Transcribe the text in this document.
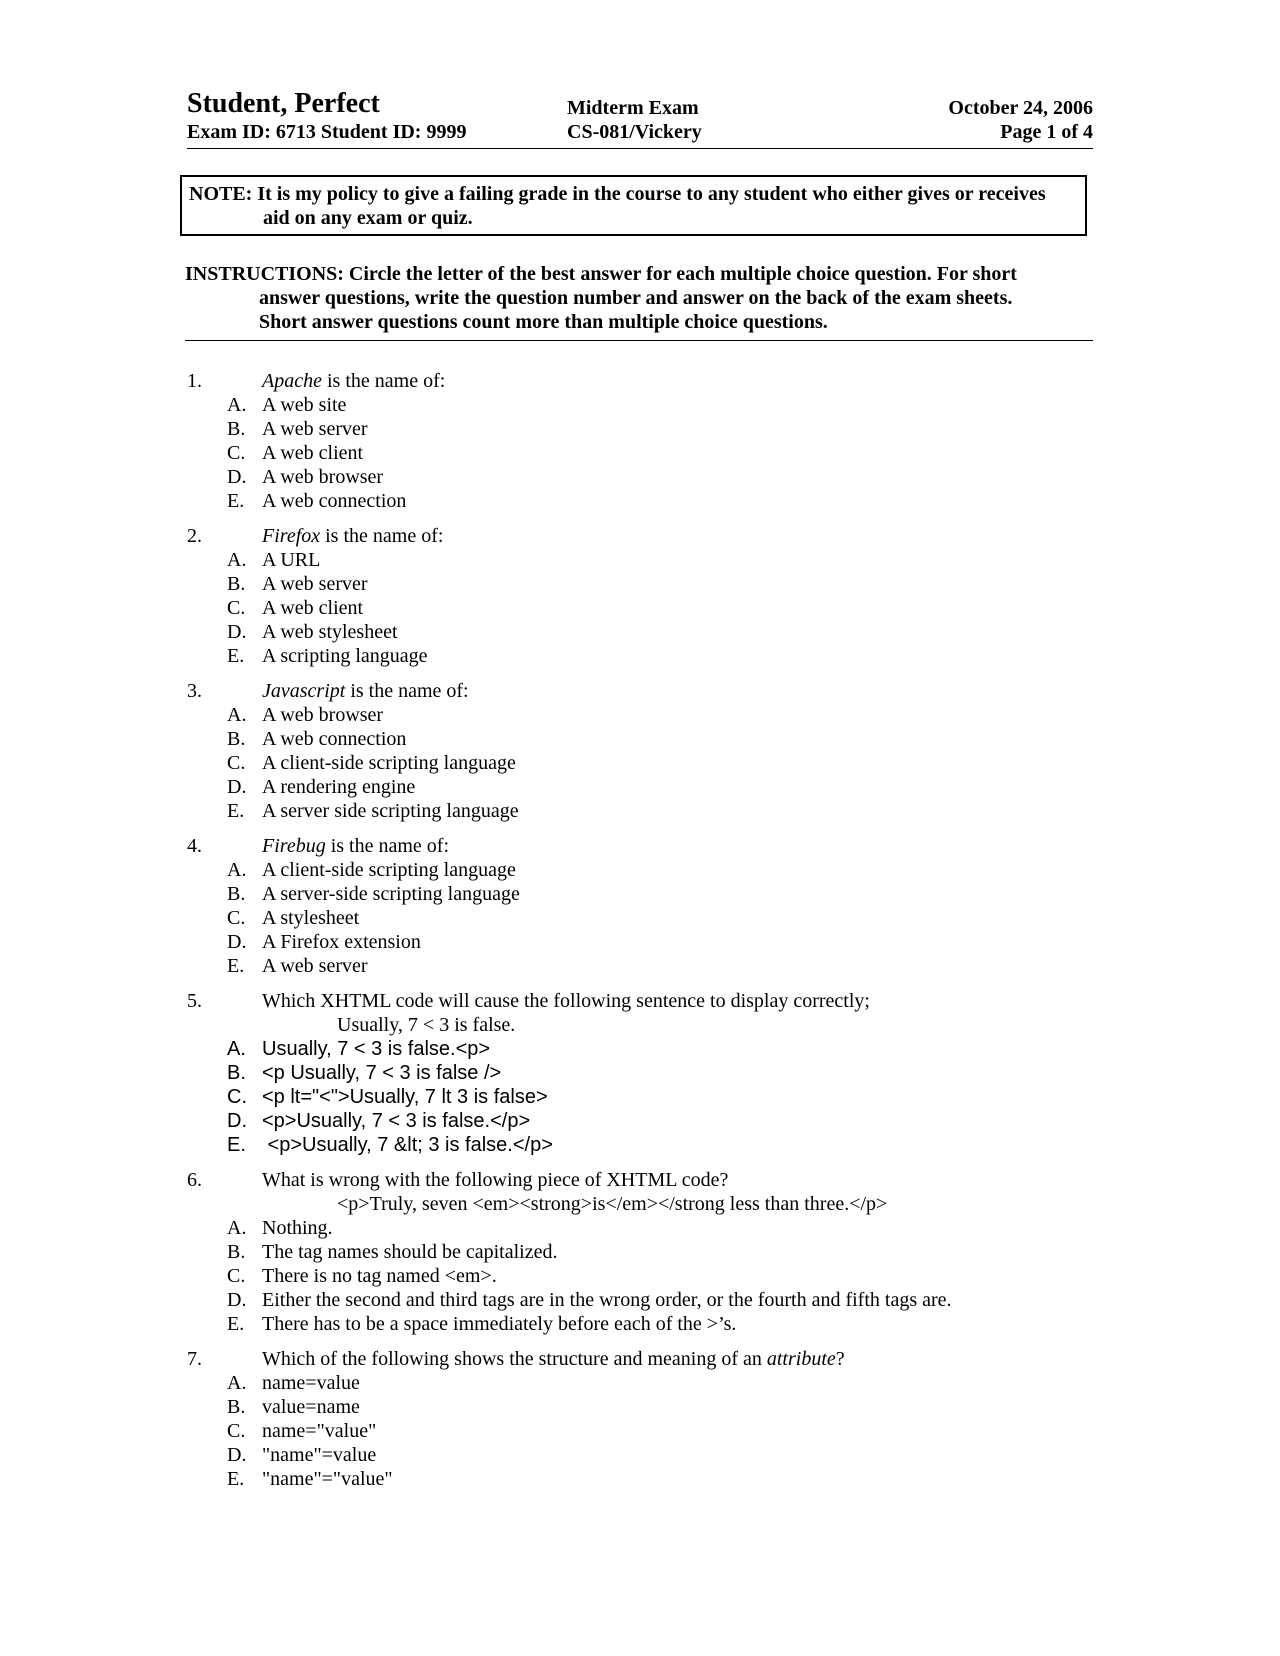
Student, Perfect
Exam ID: 6713 Student ID: 9999
Midterm Exam
CS-081/Vickery
October 24, 2006
Page 1 of 4
NOTE: It is my policy to give a failing grade in the course to any student who either gives or receives
aid on any exam or quiz.
INSTRUCTIONS: Circle the letter of the best answer for each multiple choice question. For short
answer questions, write the question number and answer on the back of the exam sheets.
Short answer questions count more than multiple choice questions.
1.	Apache is the name of:
A. A web site
B. A web server
C. A web client
D. A web browser
E. A web connection
2.	Firefox is the name of:
A. A URL
B. A web server
C. A web client
D. A web stylesheet
E. A scripting language
3.	Javascript is the name of:
A. A web browser
B. A web connection
C. A client-side scripting language
D. A rendering engine
E. A server side scripting language
4.	Firebug is the name of:
A. A client-side scripting language
B. A server-side scripting language
C. A stylesheet
D. A Firefox extension
E. A web server
5.	Which XHTML code will cause the following sentence to display correctly;
Usually, 7 < 3 is false.
A. Usually, 7 < 3 is false.<p>
B. <p Usually, 7 < 3 is false />
C. <p lt="<">Usually, 7 lt 3 is false>
D. <p>Usually, 7 < 3 is false.</p>
E. <p>Usually, 7 &lt; 3 is false.</p>
6.	What is wrong with the following piece of XHTML code?
<p>Truly, seven <em><strong>is</em></strong less than three.</p>
A. Nothing.
B. The tag names should be capitalized.
C. There is no tag named <em>.
D. Either the second and third tags are in the wrong order, or the fourth and fifth tags are.
E. There has to be a space immediately before each of the >’s.
7.	Which of the following shows the structure and meaning of an attribute?
A. name=value
B. value=name
C. name="value"
D. "name"=value
E. "name"="value"
